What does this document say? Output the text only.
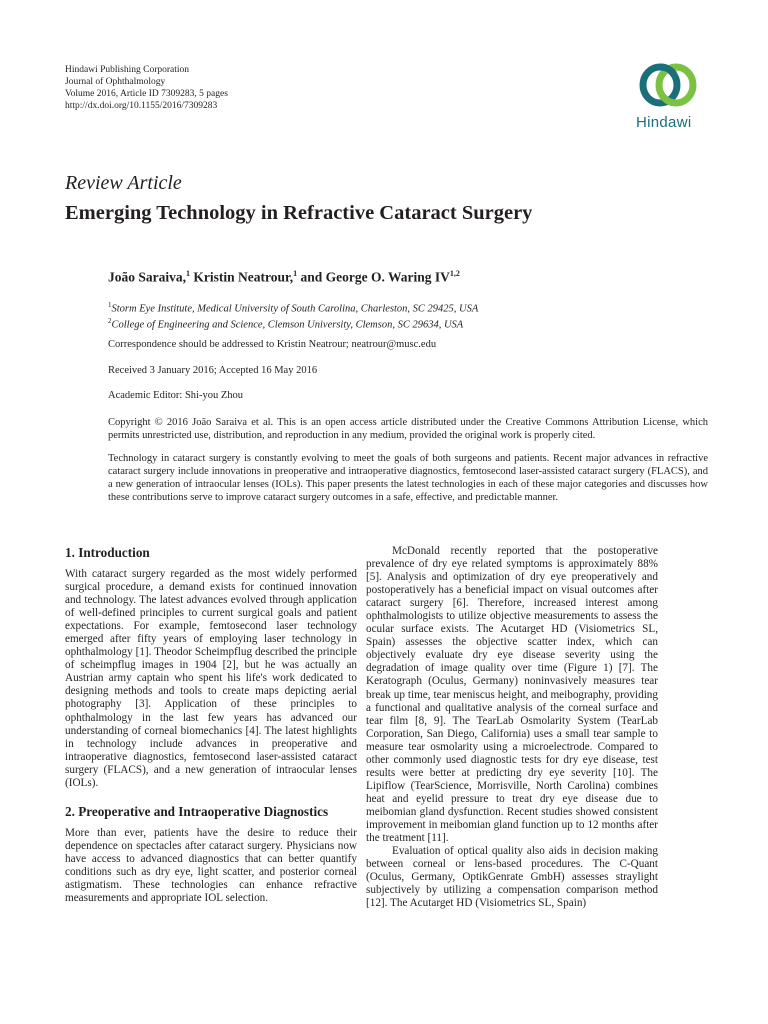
Hindawi Publishing Corporation
Journal of Ophthalmology
Volume 2016, Article ID 7309283, 5 pages
http://dx.doi.org/10.1155/2016/7309283
Hindawi
Review Article
Emerging Technology in Refractive Cataract Surgery
João Saraiva,$^1$ Kristin Neatrour,$^1$ and George O. Waring IV$^{1,2}$
$^1$Storm Eye Institute, Medical University of South Carolina, Charleston, SC 29425, USA
$^2$College of Engineering and Science, Clemson University, Clemson, SC 29634, USA
Correspondence should be addressed to Kristin Neatrour; neatrour@musc.edu
Received 3 January 2016; Accepted 16 May 2016
Academic Editor: Shi-you Zhou
Copyright © 2016 João Saraiva et al. This is an open access article distributed under the Creative Commons Attribution License, which permits unrestricted use, distribution, and reproduction in any medium, provided the original work is properly cited.
Technology in cataract surgery is constantly evolving to meet the goals of both surgeons and patients. Recent major advances in refractive cataract surgery include innovations in preoperative and intraoperative diagnostics, femtosecond laser-assisted cataract surgery (FLACS), and a new generation of intraocular lenses (IOLs). This paper presents the latest technologies in each of these major categories and discusses how these contributions serve to improve cataract surgery outcomes in a safe, effective, and predictable manner.
1. Introduction

With cataract surgery regarded as the most widely performed surgical procedure, a demand exists for continued innovation and technology. The latest advances evolved through application of well-defined principles to current surgical goals and patient expectations. For example, femtosecond laser technology emerged after fifty years of employing laser technology in ophthalmology [1]. Theodor Scheimpflug described the principle of scheimpflug images in 1904 [2], but he was actually an Austrian army captain who spent his life's work dedicated to designing methods and tools to create maps depicting aerial photography [3]. Application of these principles to ophthalmology in the last few years has advanced our understanding of corneal biomechanics [4]. The latest highlights in technology include advances in preoperative and intraoperative diagnostics, femtosecond laser-assisted cataract surgery (FLACS), and a new generation of intraocular lenses (IOLs).

2. Preoperative and Intraoperative Diagnostics

More than ever, patients have the desire to reduce their dependence on spectacles after cataract surgery. Physicians now have access to advanced diagnostics that can better quantify conditions such as dry eye, light scatter, and posterior corneal astigmatism. These technologies can enhance refractive measurements and appropriate IOL selection.

McDonald recently reported that the postoperative prevalence of dry eye related symptoms is approximately 88% [5]. Analysis and optimization of dry eye preoperatively and postoperatively has a beneficial impact on visual outcomes after cataract surgery [6]. Therefore, increased interest among ophthalmologists to utilize objective measurements to assess the ocular surface exists. The Acutarget HD (Visiometrics SL, Spain) assesses the objective scatter index, which can objectively evaluate dry eye disease severity using the degradation of image quality over time (Figure 1) [7]. The Keratograph (Oculus, Germany) noninvasively measures tear break up time, tear meniscus height, and meibography, providing a functional and qualitative analysis of the corneal surface and tear film [8, 9]. The TearLab Osmolarity System (TearLab Corporation, San Diego, California) uses a small tear sample to measure tear osmolarity using a microelectrode. Compared to other commonly used diagnostic tests for dry eye disease, test results were better at predicting dry eye severity [10]. The Lipiflow (TearScience, Morrisville, North Carolina) combines heat and eyelid pressure to treat dry eye disease due to meibomian gland dysfunction. Recent studies showed consistent improvement in meibomian gland function up to 12 months after the treatment [11].

Evaluation of optical quality also aids in decision making between corneal or lens-based procedures. The C-Quant (Oculus, Germany, OptikGenrate GmbH) assesses straylight subjectively by utilizing a compensation comparison method [12]. The Acutarget HD (Visiometrics SL, Spain)
